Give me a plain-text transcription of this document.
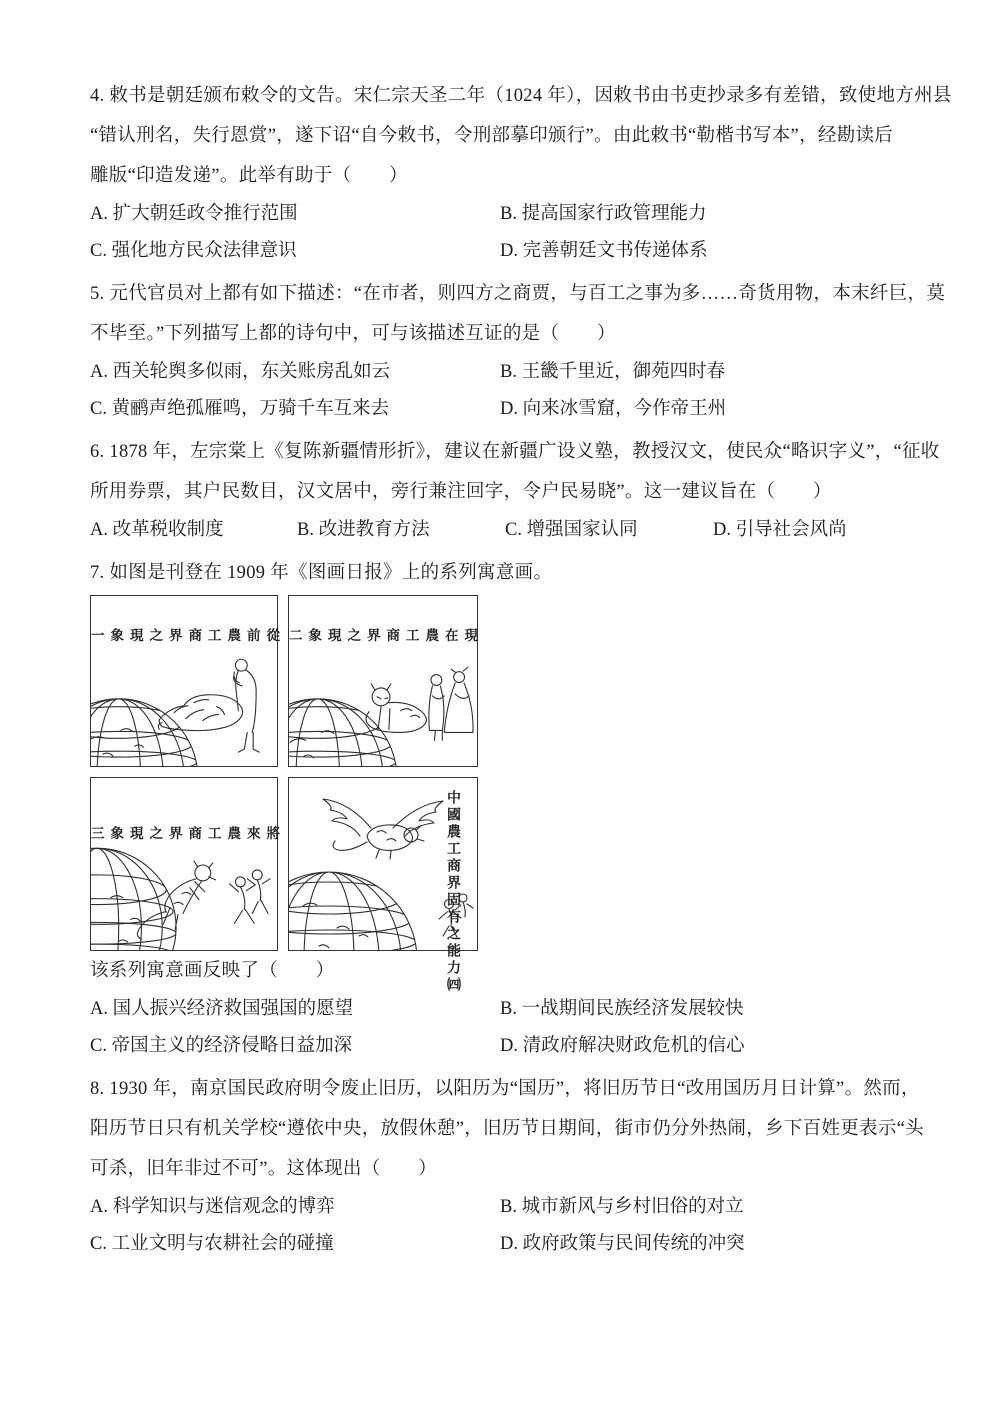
4. 敕书是朝廷颁布敕令的文告。宋仁宗天圣二年（1024 年），因敕书由书吏抄录多有差错，致使地方州县

“错认刑名，失行恩赏”，遂下诏“自今敕书，令刑部摹印颁行”。由此敕书“勒楷书写本”，经勘读后

雕版“印造发递”。此举有助于（　　）

A. 扩大朝廷政令推行范围	B. 提高国家行政管理能力
C. 强化地方民众法律意识	D. 完善朝廷文书传递体系

5. 元代官员对上都有如下描述：“在市者，则四方之商贾，与百工之事为多……奇货用物，本末纤巨，莫

不毕至。”下列描写上都的诗句中，可与该描述互证的是（　　）

A. 西关轮舆多似雨，东关账房乱如云	B. 王畿千里近，御苑四时春
C. 黄鹂声绝孤雁鸣，万骑千车互来去	D. 向来冰雪窟，今作帝王州

6. 1878 年，左宗棠上《复陈新疆情形折》，建议在新疆广设义塾，教授汉文，使民众“略识字义”，“征收

所用券票，其户民数目，汉文居中，旁行兼注回字，令户民易晓”。这一建议旨在（　　）

A. 改革税收制度	B. 改进教育方法	C. 增强国家认同	D. 引导社会风尚

7. 如图是刊登在 1909 年《图画日报》上的系列寓意画。

一象現之界商工農前從 二象現之界商工農在現
三象現之界商工農來將	中國農工商界固有之能力㈣

该系列寓意画反映了（　　）

A. 国人振兴经济救国强国的愿望	B. 一战期间民族经济发展较快
C. 帝国主义的经济侵略日益加深	D. 清政府解决财政危机的信心

8. 1930 年，南京国民政府明令废止旧历，以阳历为“国历”，将旧历节日“改用国历月日计算”。然而，

阳历节日只有机关学校“遵依中央，放假休憩”，旧历节日期间，街市仍分外热闹，乡下百姓更表示“头

可杀，旧年非过不可”。这体现出（　　）

A. 科学知识与迷信观念的博弈	B. 城市新风与乡村旧俗的对立
C. 工业文明与农耕社会的碰撞	D. 政府政策与民间传统的冲突
